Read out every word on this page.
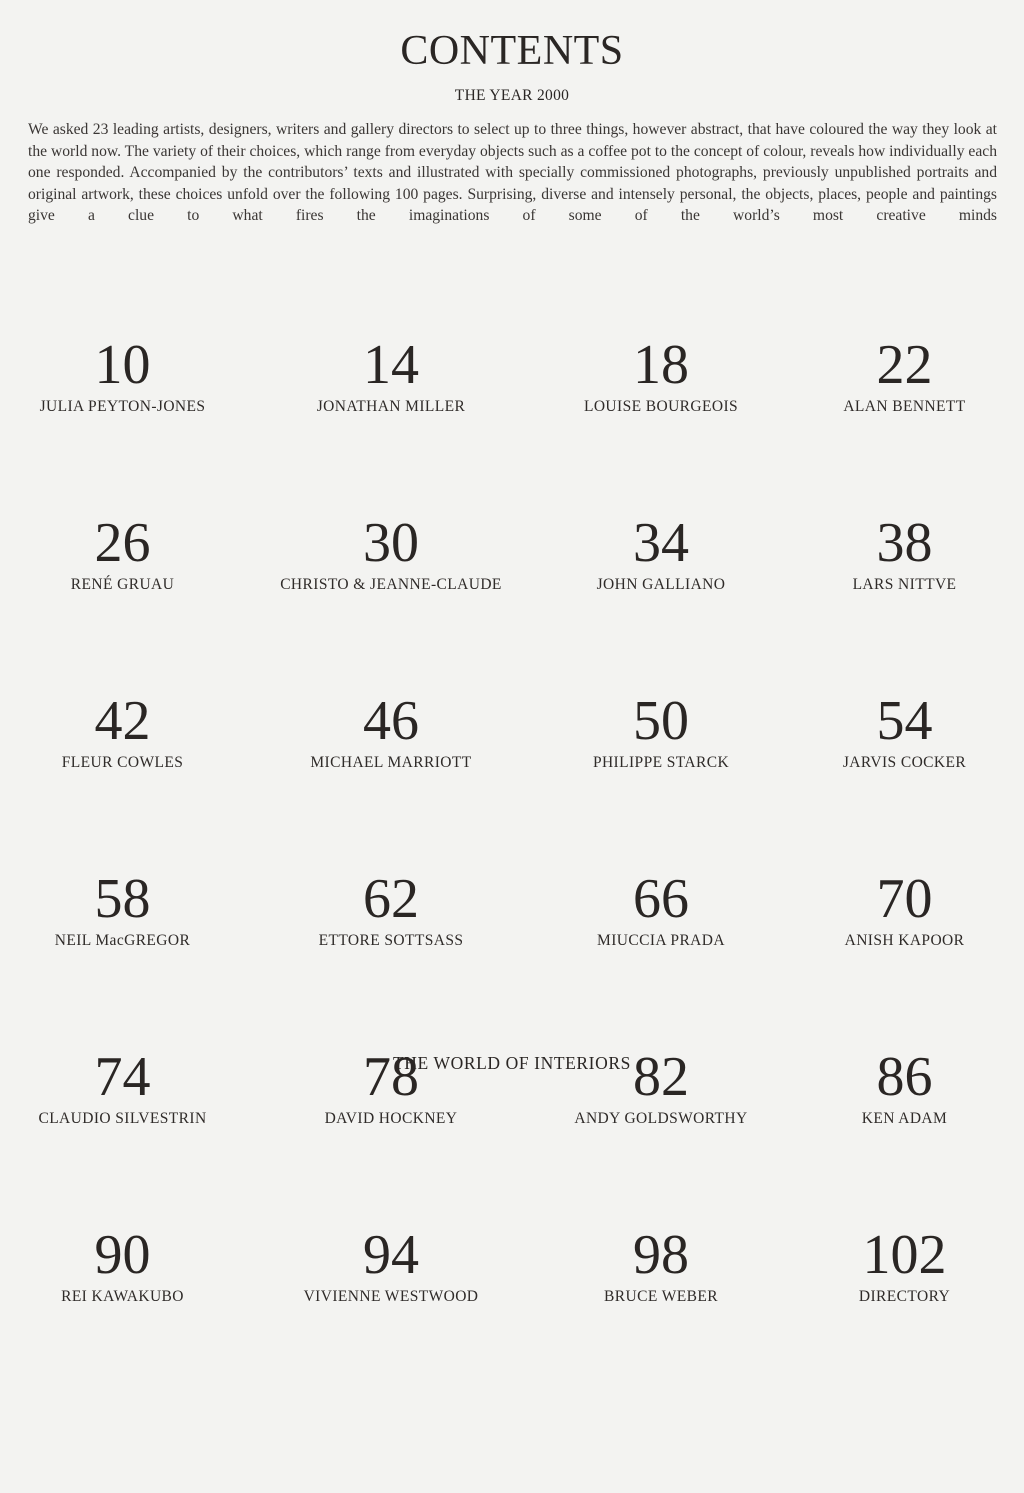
CONTENTS
THE YEAR 2000

We asked 23 leading artists, designers, writers and gallery directors to select up to three things, however abstract, that have coloured the way they look at the world now. The variety of their choices, which range from everyday objects such as a coffee pot to the concept of colour, reveals how individually each one responded. Accompanied by the contributors’ texts and illustrated with specially commissioned photographs, previously unpublished portraits and original artwork, these choices unfold over the following 100 pages. Surprising, diverse and intensely personal, the objects, places, people and paintings give a clue to what fires the imaginations of some of the world’s most creative minds

10
JULIA PEYTON-JONES
14
JONATHAN MILLER
18
LOUISE BOURGEOIS
22
ALAN BENNETT
26
RENÉ GRUAU
30
CHRISTO & JEANNE-CLAUDE
34
JOHN GALLIANO
38
LARS NITTVE
42
FLEUR COWLES
46
MICHAEL MARRIOTT
50
PHILIPPE STARCK
54
JARVIS COCKER
58
NEIL MacGREGOR
62
ETTORE SOTTSASS
66
MIUCCIA PRADA
70
ANISH KAPOOR
74
CLAUDIO SILVESTRIN
78
DAVID HOCKNEY
82
ANDY GOLDSWORTHY
86
KEN ADAM
90
REI KAWAKUBO
94
VIVIENNE WESTWOOD
98
BRUCE WEBER
102
DIRECTORY
THE WORLD OF INTERIORS
